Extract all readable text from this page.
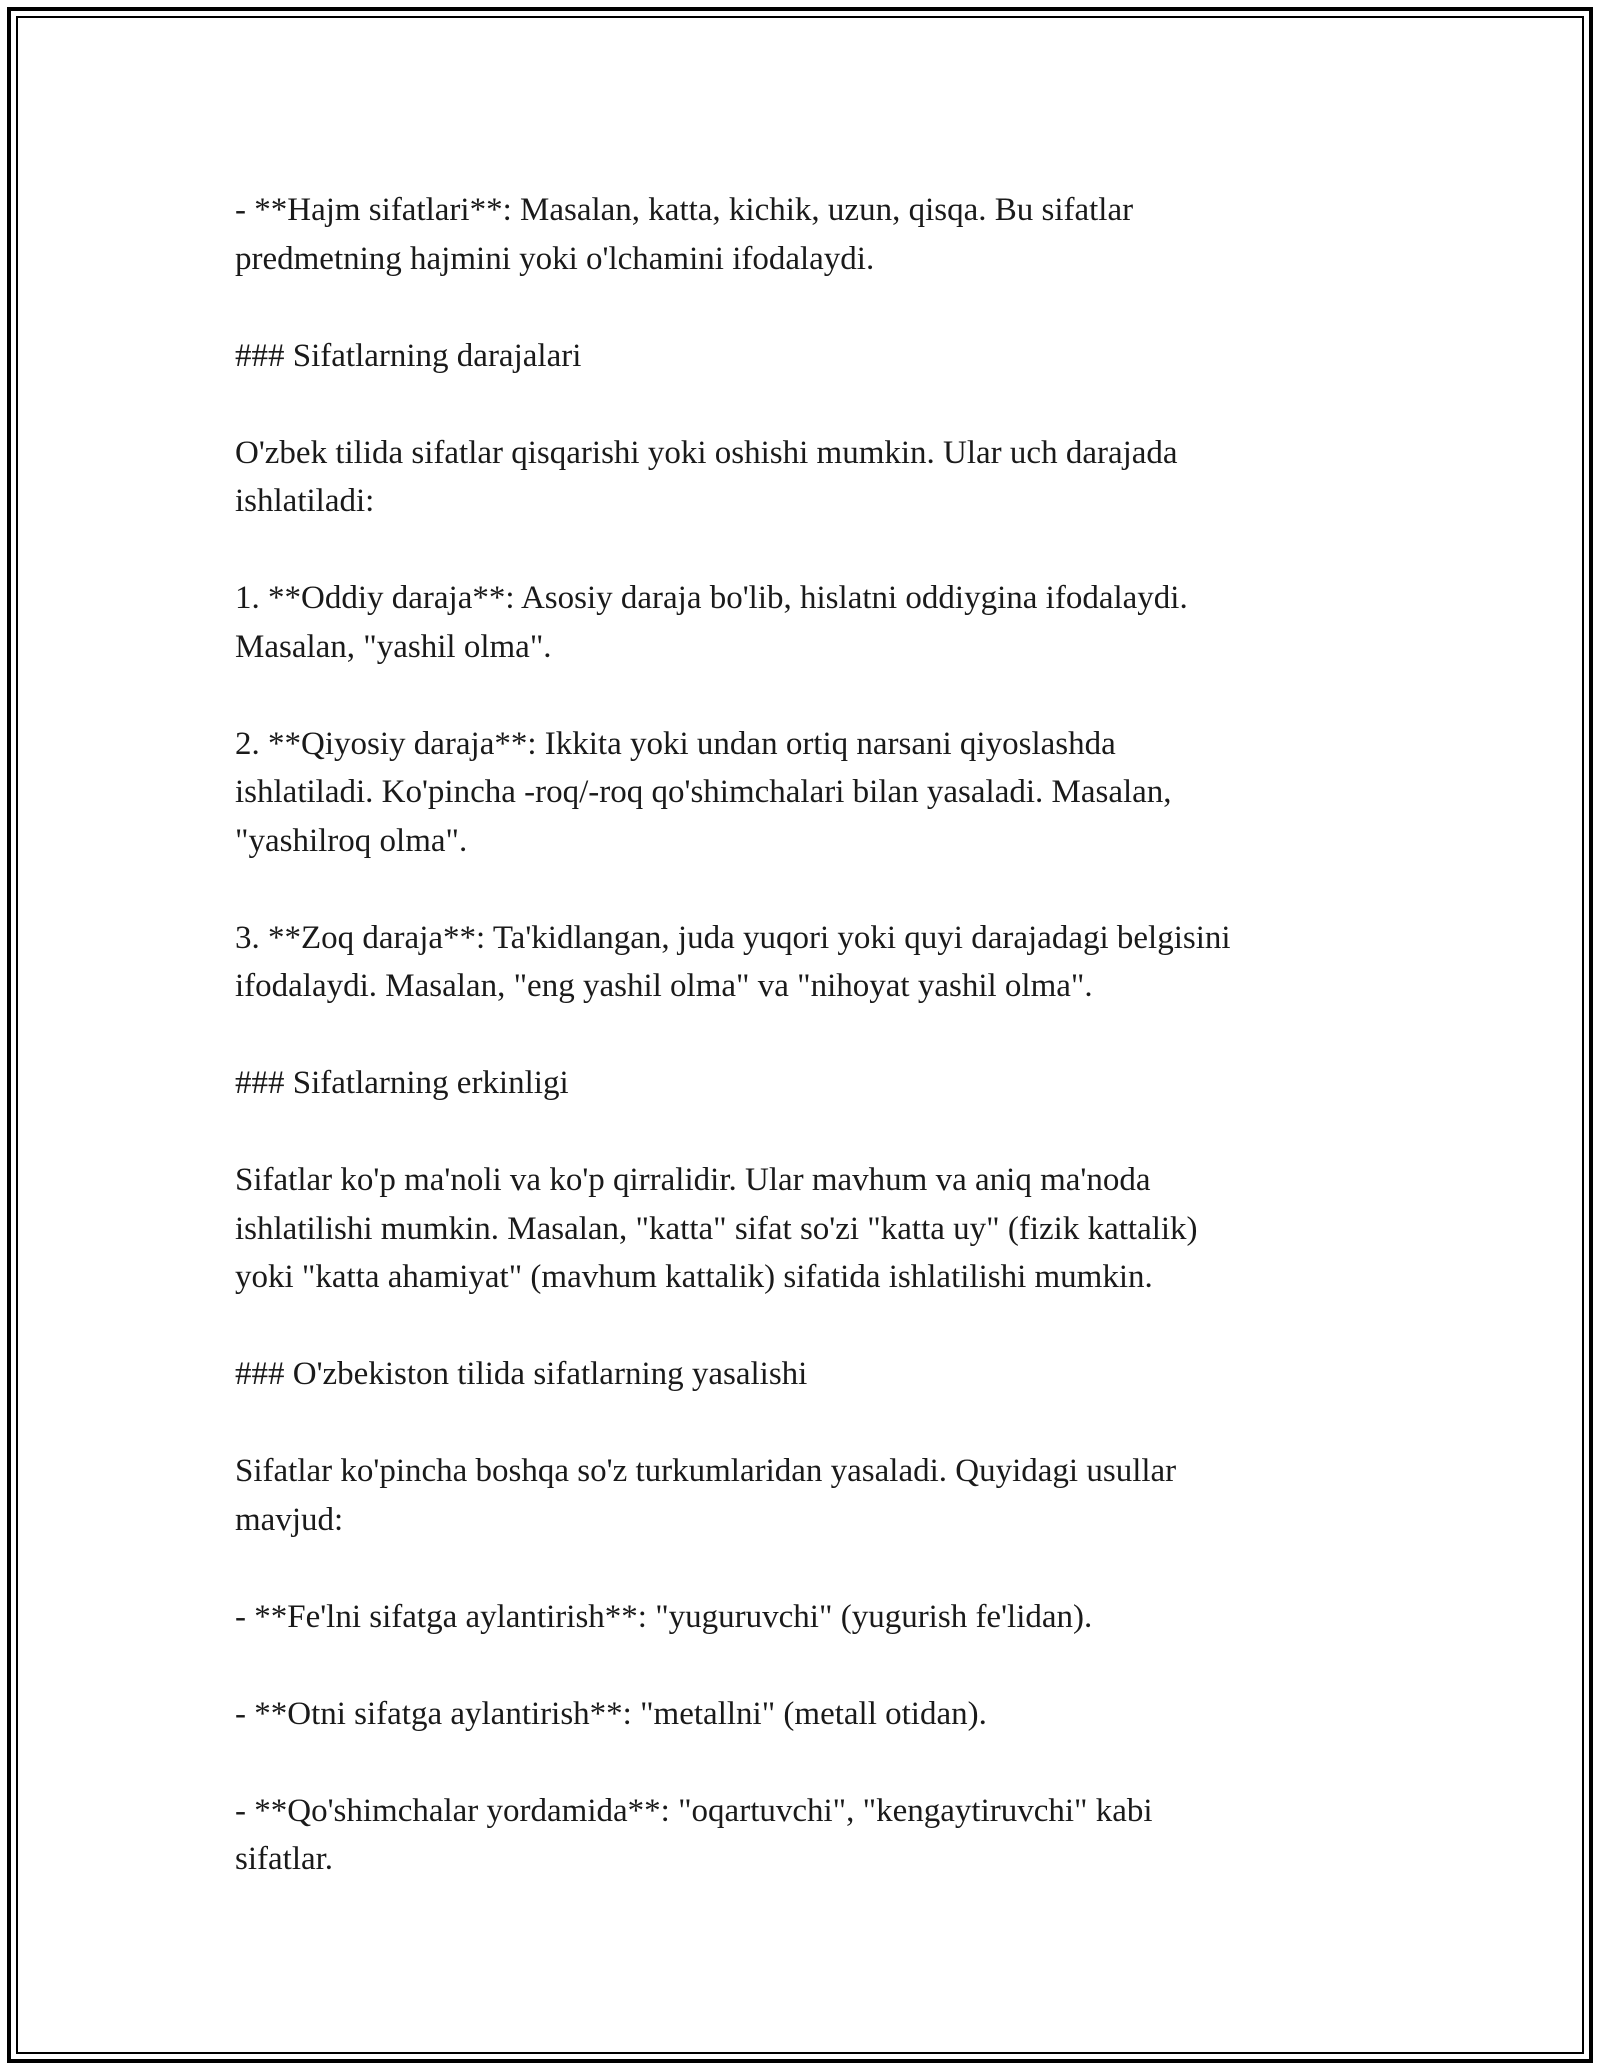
- **Hajm sifatlari**: Masalan, katta, kichik, uzun, qisqa. Bu sifatlar
predmetning hajmini yoki o'lchamini ifodalaydi.
### Sifatlarning darajalari
O'zbek tilida sifatlar qisqarishi yoki oshishi mumkin. Ular uch darajada
ishlatiladi:
1. **Oddiy daraja**: Asosiy daraja bo'lib, hislatni oddiygina ifodalaydi.
Masalan, "yashil olma".
2. **Qiyosiy daraja**: Ikkita yoki undan ortiq narsani qiyoslashda
ishlatiladi. Ko'pincha -roq/-roq qo'shimchalari bilan yasaladi. Masalan,
"yashilroq olma".
3. **Zoq daraja**: Ta'kidlangan, juda yuqori yoki quyi darajadagi belgisini
ifodalaydi. Masalan, "eng yashil olma" va "nihoyat yashil olma".
### Sifatlarning erkinligi
Sifatlar ko'p ma'noli va ko'p qirralidir. Ular mavhum va aniq ma'noda
ishlatilishi mumkin. Masalan, "katta" sifat so'zi "katta uy" (fizik kattalik)
yoki "katta ahamiyat" (mavhum kattalik) sifatida ishlatilishi mumkin.
### O'zbekiston tilida sifatlarning yasalishi
Sifatlar ko'pincha boshqa so'z turkumlaridan yasaladi. Quyidagi usullar
mavjud:
- **Fe'lni sifatga aylantirish**: "yuguruvchi" (yugurish fe'lidan).
- **Otni sifatga aylantirish**: "metallni" (metall otidan).
- **Qo'shimchalar yordamida**: "oqartuvchi", "kengaytiruvchi" kabi
sifatlar.
